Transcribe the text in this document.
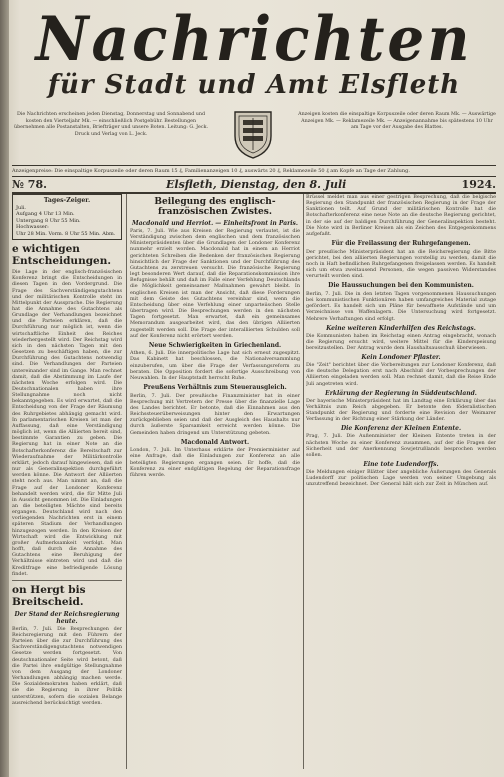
Nachrichten
für Stadt und Amt Elsfleth
Die Nachrichten erscheinen jeden Dienstag, Donnerstag und Sonnabend und kosten den Vierteljahr Mk. — einschließlich Postgebühr. Bestellungen übernehmen alle Postanstalten, Briefträger und unsere Boten. Leitung: G. Jeck. Druck und Verlag von L. Jeck.
Anzeigen kosten die einspaltige Korpuszeile oder deren Raum Mk. — Auswärtige Anzeigen Mk. — Reklamezeile Mk. — Anzeigenannahme bis spätestens 10 Uhr am Tage vor der Ausgabe des Blattes.
Anzeigenpreise: Die einspaltige Korpuszeile oder deren Raum 15 ₰, Familienanzeigen 10 ₰, auswärts 20 ₰, Reklamezeile 50 ₰ am Kopfe an Tage der Zahlung.
№ 78.	Elsfleth, Dienstag, den 8. Juli	1924.
Tages-Zeiger.
Juli.
Aufgang 4 Uhr 13 Min.
Untergang 8 Uhr 55 Min.
Hochwasser:
Uhr 28 Min. Vorm. 8 Uhr 55 Min. Abm.
e wichtigen Entscheidungen.

Die Lage in der englisch-französischen Konferenz bringt die Entscheidungen in diesen Tagen in den Vordergrund. Die Frage des Sachverständigengutachtens und der militärischen Kontrolle steht im Mittelpunkt der Aussprache. Die Regierung hat die Annahme des Gutachtens als Grundlage der Verhandlungen bezeichnet und die Parteien erklären, daß die Durchführung nur möglich ist, wenn die wirtschaftliche Einheit des Reiches wiederhergestellt wird. Der Reichstag wird sich in den nächsten Tagen mit den Gesetzen zu beschäftigen haben, die zur Durchführung des Gutachtens notwendig sind. Die Verhandlungen der Parteien untereinander sind im Gange. Man rechnet damit, daß die Abstimmung im Laufe der nächsten Woche erfolgen wird. Die Deutschnationalen haben ihre Stellungnahme noch nicht bekanntgegeben. Es wird erwartet, daß die Entscheidung von der Frage der Räumung des Ruhrgebietes abhängig gemacht wird. In parlamentarischen Kreisen ist man der Auffassung, daß eine Verständigung möglich ist, wenn die Alliierten bereit sind, bestimmte Garantien zu geben. Die Regierung hat in einer Note an die Botschafterkonferenz die Bereitschaft zur Wiederaufnahme der Militärkontrolle erklärt, jedoch darauf hingewiesen, daß sie nur als Generalinspektion durchgeführt werden könne. Die Antwort der Alliierten steht noch aus. Man nimmt an, daß die Frage auf der Londoner Konferenz behandelt werden wird, die für Mitte Juli in Aussicht genommen ist. Die Einladungen an die beteiligten Mächte sind bereits ergangen. Deutschland wird nach den vorliegenden Nachrichten erst in einem späteren Stadium der Verhandlungen hinzugezogen werden. In den Kreisen der Wirtschaft wird die Entwicklung mit großer Aufmerksamkeit verfolgt. Man hofft, daß durch die Annahme des Gutachtens eine Beruhigung der Verhältnisse eintreten wird und daß die Kreditfrage eine befriedigende Lösung findet.

on Hergt bis Breitscheid.
Der Stand der Reichsregierung heute.

Berlin, 7. Juli. Die Besprechungen der Reichsregierung mit den Führern der Parteien über die zur Durchführung des Sachverständigengutachtens notwendigen Gesetze werden fortgesetzt. Von deutschnationaler Seite wird betont, daß die Partei ihre endgültige Stellungnahme von dem Ausgang der Londoner Verhandlungen abhängig machen werde. Die Sozialdemokraten haben erklärt, daß sie die Regierung in ihrer Politik unterstützen, sofern die sozialen Belange ausreichend berücksichtigt werden.

Beilegung des englisch-französischen Zwistes.
Macdonald und Herriot. — Einheitsfront in Paris.

Paris, 7. Juli. Wie aus Kreisen der Regierung verlautet, ist die Verständigung zwischen dem englischen und dem französischen Ministerpräsidenten über die Grundlagen der Londoner Konferenz nunmehr erzielt worden. Macdonald hat in einem an Herriot gerichteten Schreiben die Bedenken der französischen Regierung hinsichtlich der Frage der Sanktionen und der Durchführung des Gutachtens zu zerstreuen versucht. Die französische Regierung legt besonderen Wert darauf, daß die Reparationskommission ihre Befugnisse behält und daß im Falle einer Verfehlung Deutschlands die Möglichkeit gemeinsamer Maßnahmen gewahrt bleibt. In englischen Kreisen ist man der Ansicht, daß diese Forderungen mit dem Geiste des Gutachtens vereinbar sind, wenn die Entscheidung über eine Verfehlung einer unparteiischen Stelle übertragen wird. Die Besprechungen werden in den nächsten Tagen fortgesetzt. Man erwartet, daß ein gemeinsames Memorandum ausgearbeitet wird, das den übrigen Alliierten zugestellt werden soll. Die Frage der interalliierten Schulden soll auf der Konferenz nicht erörtert werden.

Neue Schwierigkeiten in Griechenland.

Athen, 6. Juli. Die innerpolitische Lage hat sich erneut zugespitzt. Das Kabinett hat beschlossen, die Nationalversammlung einzuberufen, um über die Frage der Verfassungsreform zu beraten. Die Opposition fordert die sofortige Ausschreibung von Neuwahlen. In der Hauptstadt herrscht Ruhe.

Preußens Verhältnis zum Steuerausgleich.

Berlin, 7. Juli. Der preußische Finanzminister hat in einer Besprechung mit Vertretern der Presse über die finanzielle Lage des Landes berichtet. Er betonte, daß die Einnahmen aus den Reichssteuerüberweisungen hinter den Erwartungen zurückgeblieben seien und daß der Ausgleich des Haushalts nur durch äußerste Sparsamkeit erreicht werden könne. Die Gemeinden haben dringend um Unterstützung gebeten.

Macdonald Antwort.

London, 7. Juli. Im Unterhaus erklärte der Premierminister auf eine Anfrage, daß die Einladungen zur Konferenz an alle beteiligten Regierungen ergangen seien. Er hoffe, daß die Konferenz zu einer endgültigen Regelung der Reparationsfrage führen werde.

Brüssel meldet man aus einer gestrigen Besprechung, daß die belgische Regierung den Standpunkt der französischen Regierung in der Frage der Sanktionen teilt. Auf Grund der militärischen Kontrolle hat die Botschafterkonferenz eine neue Note an die deutsche Regierung gerichtet, in der sie auf der baldigen Durchführung der Generalinspektion besteht. Die Note wird in Berliner Kreisen als ein Zeichen des Entgegenkommens aufgefaßt.

Für die Freilassung der Ruhrgefangenen.

Der preußische Ministerpräsident hat an die Reichsregierung die Bitte gerichtet, bei den alliierten Regierungen vorstellig zu werden, damit die noch in Haft befindlichen Ruhrgefangenen freigelassen werden. Es handelt sich um etwa zweitausend Personen, die wegen passiven Widerstandes verurteilt worden sind.

Die Haussuchungen bei den Kommunisten.

Berlin, 7. Juli. Die in den letzten Tagen vorgenommenen Haussuchungen bei kommunistischen Funktionären haben umfangreiches Material zutage gefördert. Es handelt sich um Pläne für bewaffnete Aufstände und um Verzeichnisse von Waffenlagern. Die Untersuchung wird fortgesetzt. Mehrere Verhaftungen sind erfolgt.

Keine weiteren Kinderhilfen des Reichstags.

Die Kommunisten haben im Reichstag einen Antrag eingebracht, wonach die Regierung ersucht wird, weitere Mittel für die Kinderspeisung bereitzustellen. Der Antrag wurde dem Haushaltsausschuß überwiesen.

Kein Londoner Pflaster.

Die "Zeit" berichtet über die Vorbereitungen zur Londoner Konferenz, daß die deutsche Delegation erst nach Abschluß der Vorbesprechungen der Alliierten eingeladen werden soll. Man rechnet damit, daß die Reise Ende Juli angetreten wird.

Erklärung der Regierung in Süddeutschland.

Der bayerische Ministerpräsident hat im Landtag eine Erklärung über das Verhältnis zum Reich abgegeben. Er betonte den föderalistischen Standpunkt der Regierung und forderte eine Revision der Weimarer Verfassung in der Richtung einer Stärkung der Länder.

Die Konferenz der Kleinen Entente.

Prag, 7. Juli. Die Außenminister der Kleinen Entente treten in der nächsten Woche zu einer Konferenz zusammen, auf der die Fragen der Sicherheit und der Anerkennung Sowjetrußlands besprochen werden sollen.

Eine tote Ludendorffs.

Die Meldungen einiger Blätter über angebliche Äußerungen des Generals Ludendorff zur politischen Lage werden von seiner Umgebung als unzutreffend bezeichnet. Der General hält sich zur Zeit in München auf.
